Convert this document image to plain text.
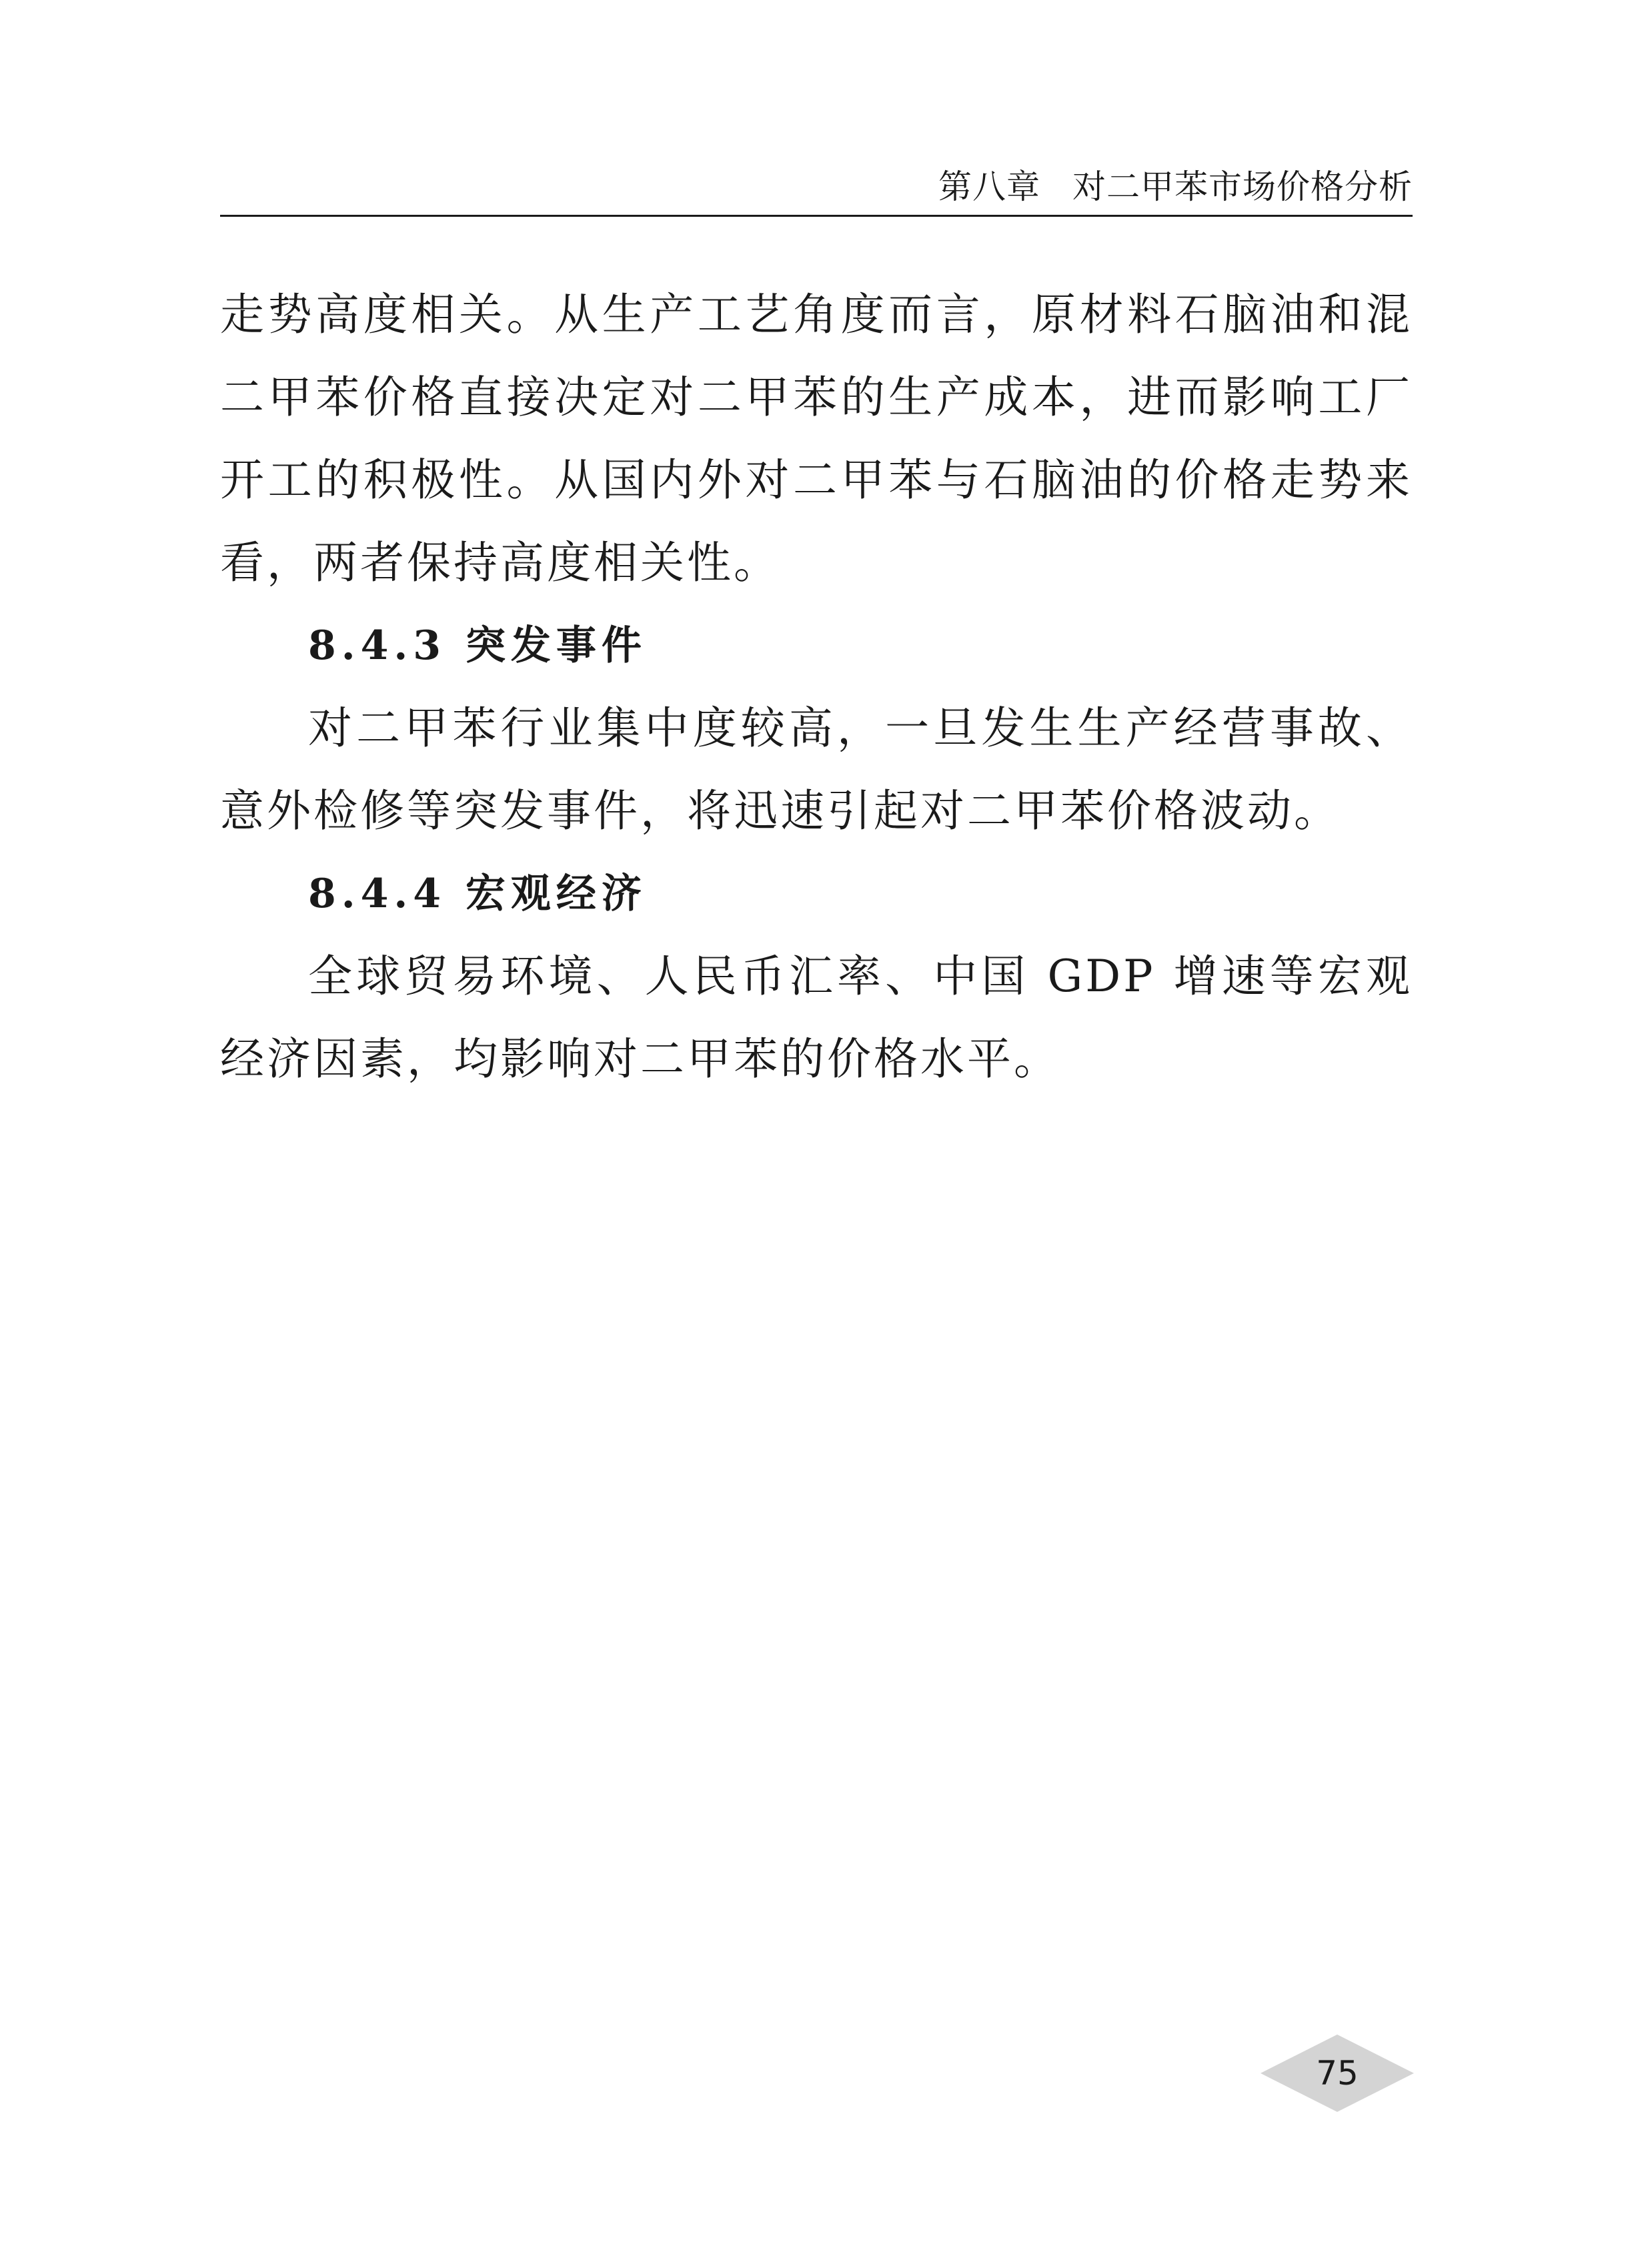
第八章 对二甲苯市场价格分析

走势高度相关。从生产工艺角度而言，原材料石脑油和混二甲苯价格直接决定对二甲苯的生产成本，进而影响工厂开工的积极性。从国内外对二甲苯与石脑油的价格走势来看，两者保持高度相关性。

8.4.3 突发事件

对二甲苯行业集中度较高，一旦发生生产经营事故、意外检修等突发事件，将迅速引起对二甲苯价格波动。

8.4.4 宏观经济

全球贸易环境、人民币汇率、中国 GDP 增速等宏观经济因素，均影响对二甲苯的价格水平。

75
